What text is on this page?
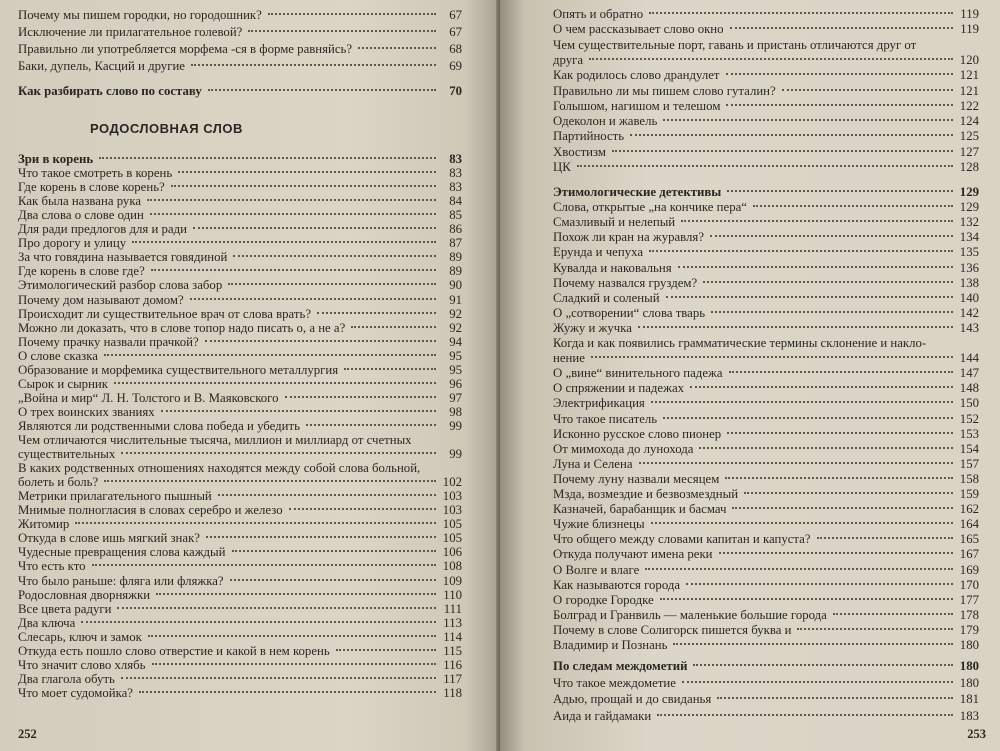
Почему мы пишем городки, но городошник?	67
Исключение ли прилагательное голевой?	67
Правильно ли употребляется морфема -ся в форме равняйсь?	68
Баки, дупель, Касций и другие	69
Как разбирать слово по составу	70
Зри в корень	83
Что такое смотреть в корень	83
Где корень в слове корень?	83
Как была названа рука	84
Два слова о слове один	85
Для ради предлогов для и ради	86
Про дорогу и улицу	87
За что говядина называется говядиной	89
Где корень в слове где?	89
Этимологический разбор слова забор	90
Почему дом называют домом?	91
Происходит ли существительное врач от слова врать?	92
Можно ли доказать, что в слове топор надо писать о, а не а?	92
Почему прачку назвали прачкой?	94
О слове сказка	95
Образование и морфемика существительного металлургия	95
Сырок и сырник	96
„Война и мир“ Л. Н. Толстого и В. Маяковского	97
О трех воинских званиях	98
Являются ли родственными слова победа и убедить	99
Чем отличаются числительные тысяча, миллион и миллиард от счетных
существительных	99
В каких родственных отношениях находятся между собой слова больной,
болеть и боль?	102
Метрики прилагательного пышный	103
Мнимые полногласия в словах серебро и железо	103
Житомир	105
Откуда в слове ишь мягкий знак?	105
Чудесные превращения слова каждый	106
Что есть кто	108
Что было раньше: фляга или фляжка?	109
Родословная дворняжки	110
Все цвета радуги	111
Два ключа	113
Слесарь, ключ и замок	114
Откуда есть пошло слово отверстие и какой в нем корень	115
Что значит слово хлябь	116
Два глагола обуть	117
Что моет судомойка?	118
РОДОСЛОВНАЯ СЛОВ
252
Опять и обратно	119
О чем рассказывает слово окно	119
Чем существительные порт, гавань и пристань отличаются друг от
друга	120
Как родилось слово драндулет	121
Правильно ли мы пишем слово гуталин?	121
Голышом, нагишом и телешом	122
Одеколон и жавель	124
Партийность	125
Хвостизм	127
ЦК	128
Этимологические детективы	129
Слова, открытые „на кончике пера“	129
Смазливый и нелепый	132
Похож ли кран на журавля?	134
Ерунда и чепуха	135
Кувалда и наковальня	136
Почему назвался груздем?	138
Сладкий и соленый	140
О „сотворении“ слова тварь	142
Жужу и жучка	143
Когда и как появились грамматические термины склонение и накло-
нение	144
О „вине“ винительного падежа	147
О спряжении и падежах	148
Электрификация	150
Что такое писатель	152
Исконно русское слово пионер	153
От мимохода до лунохода	154
Луна и Селена	157
Почему луну назвали месяцем	158
Мзда, возмездие и безвозмездный	159
Казначей, барабанщик и басмач	162
Чужие близнецы	164
Что общего между словами капитан и капуста?	165
Откуда получают имена реки	167
О Волге и влаге	169
Как называются города	170
О городке Городке	177
Болград и Гранвиль — маленькие большие города	178
Почему в слове Солигорск пишется буква и	179
Владимир и Познань	180
По следам междометий	180
Что такое междометие	180
Адью, прощай и до свиданья	181
Аида и гайдамаки	183
253
